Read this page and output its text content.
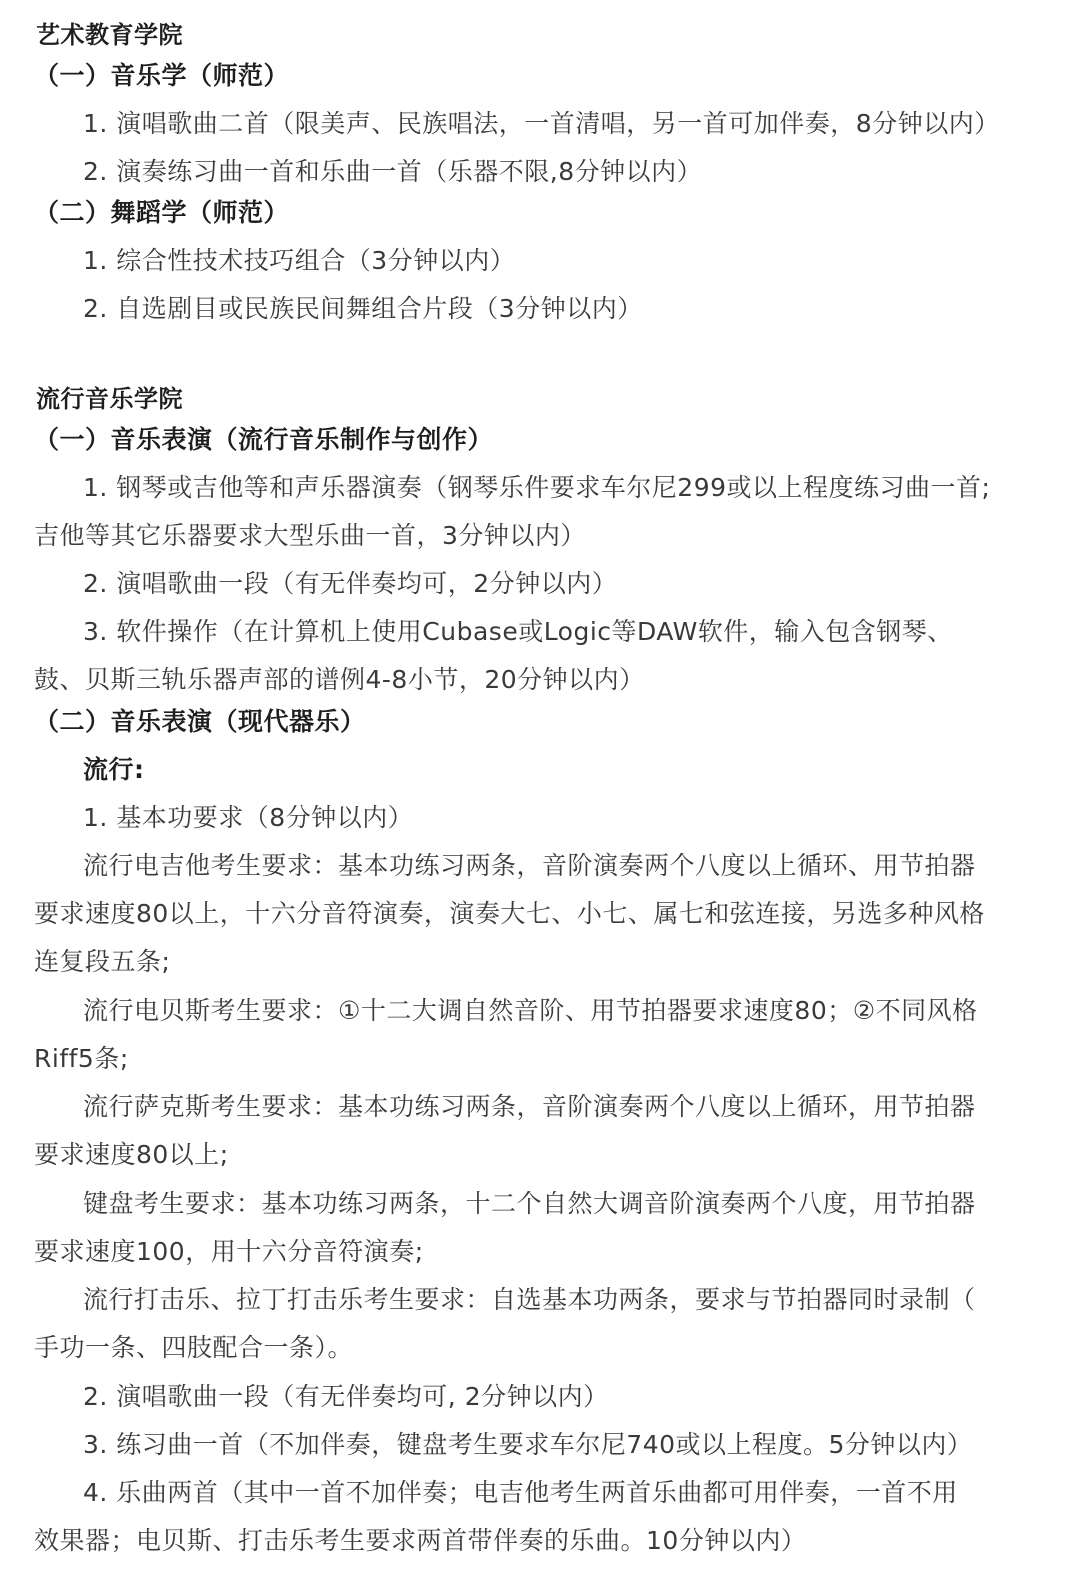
艺术教育学院
（一）音乐学（师范）
1. 演唱歌曲二首（限美声、民族唱法，一首清唱，另一首可加伴奏，8分钟以内）
2. 演奏练习曲一首和乐曲一首（乐器不限,8分钟以内）
（二）舞蹈学（师范）
1. 综合性技术技巧组合（3分钟以内）
2. 自选剧目或民族民间舞组合片段（3分钟以内）
流行音乐学院
（一）音乐表演（流行音乐制作与创作）
1. 钢琴或吉他等和声乐器演奏（钢琴乐件要求车尔尼299或以上程度练习曲一首;
吉他等其它乐器要求大型乐曲一首，3分钟以内）
2. 演唱歌曲一段（有无伴奏均可，2分钟以内）
3. 软件操作（在计算机上使用Cubase或Logic等DAW软件，输入包含钢琴、
鼓、贝斯三轨乐器声部的谱例4-8小节，20分钟以内）
（二）音乐表演（现代器乐）
流行:
1. 基本功要求（8分钟以内）
流行电吉他考生要求：基本功练习两条，音阶演奏两个八度以上循环、用节拍器
要求速度80以上，十六分音符演奏，演奏大七、小七、属七和弦连接，另选多种风格
连复段五条;
流行电贝斯考生要求：①十二大调自然音阶、用节拍器要求速度80；②不同风格
Riff5条;
流行萨克斯考生要求：基本功练习两条，音阶演奏两个八度以上循环，用节拍器
要求速度80以上;
键盘考生要求：基本功练习两条，十二个自然大调音阶演奏两个八度，用节拍器
要求速度100，用十六分音符演奏;
流行打击乐、拉丁打击乐考生要求：自选基本功两条，要求与节拍器同时录制（
手功一条、四肢配合一条）。
2. 演唱歌曲一段（有无伴奏均可, 2分钟以内）
3. 练习曲一首（不加伴奏，键盘考生要求车尔尼740或以上程度。5分钟以内）
4. 乐曲两首（其中一首不加伴奏；电吉他考生两首乐曲都可用伴奏，一首不用
效果器；电贝斯、打击乐考生要求两首带伴奏的乐曲。10分钟以内）
